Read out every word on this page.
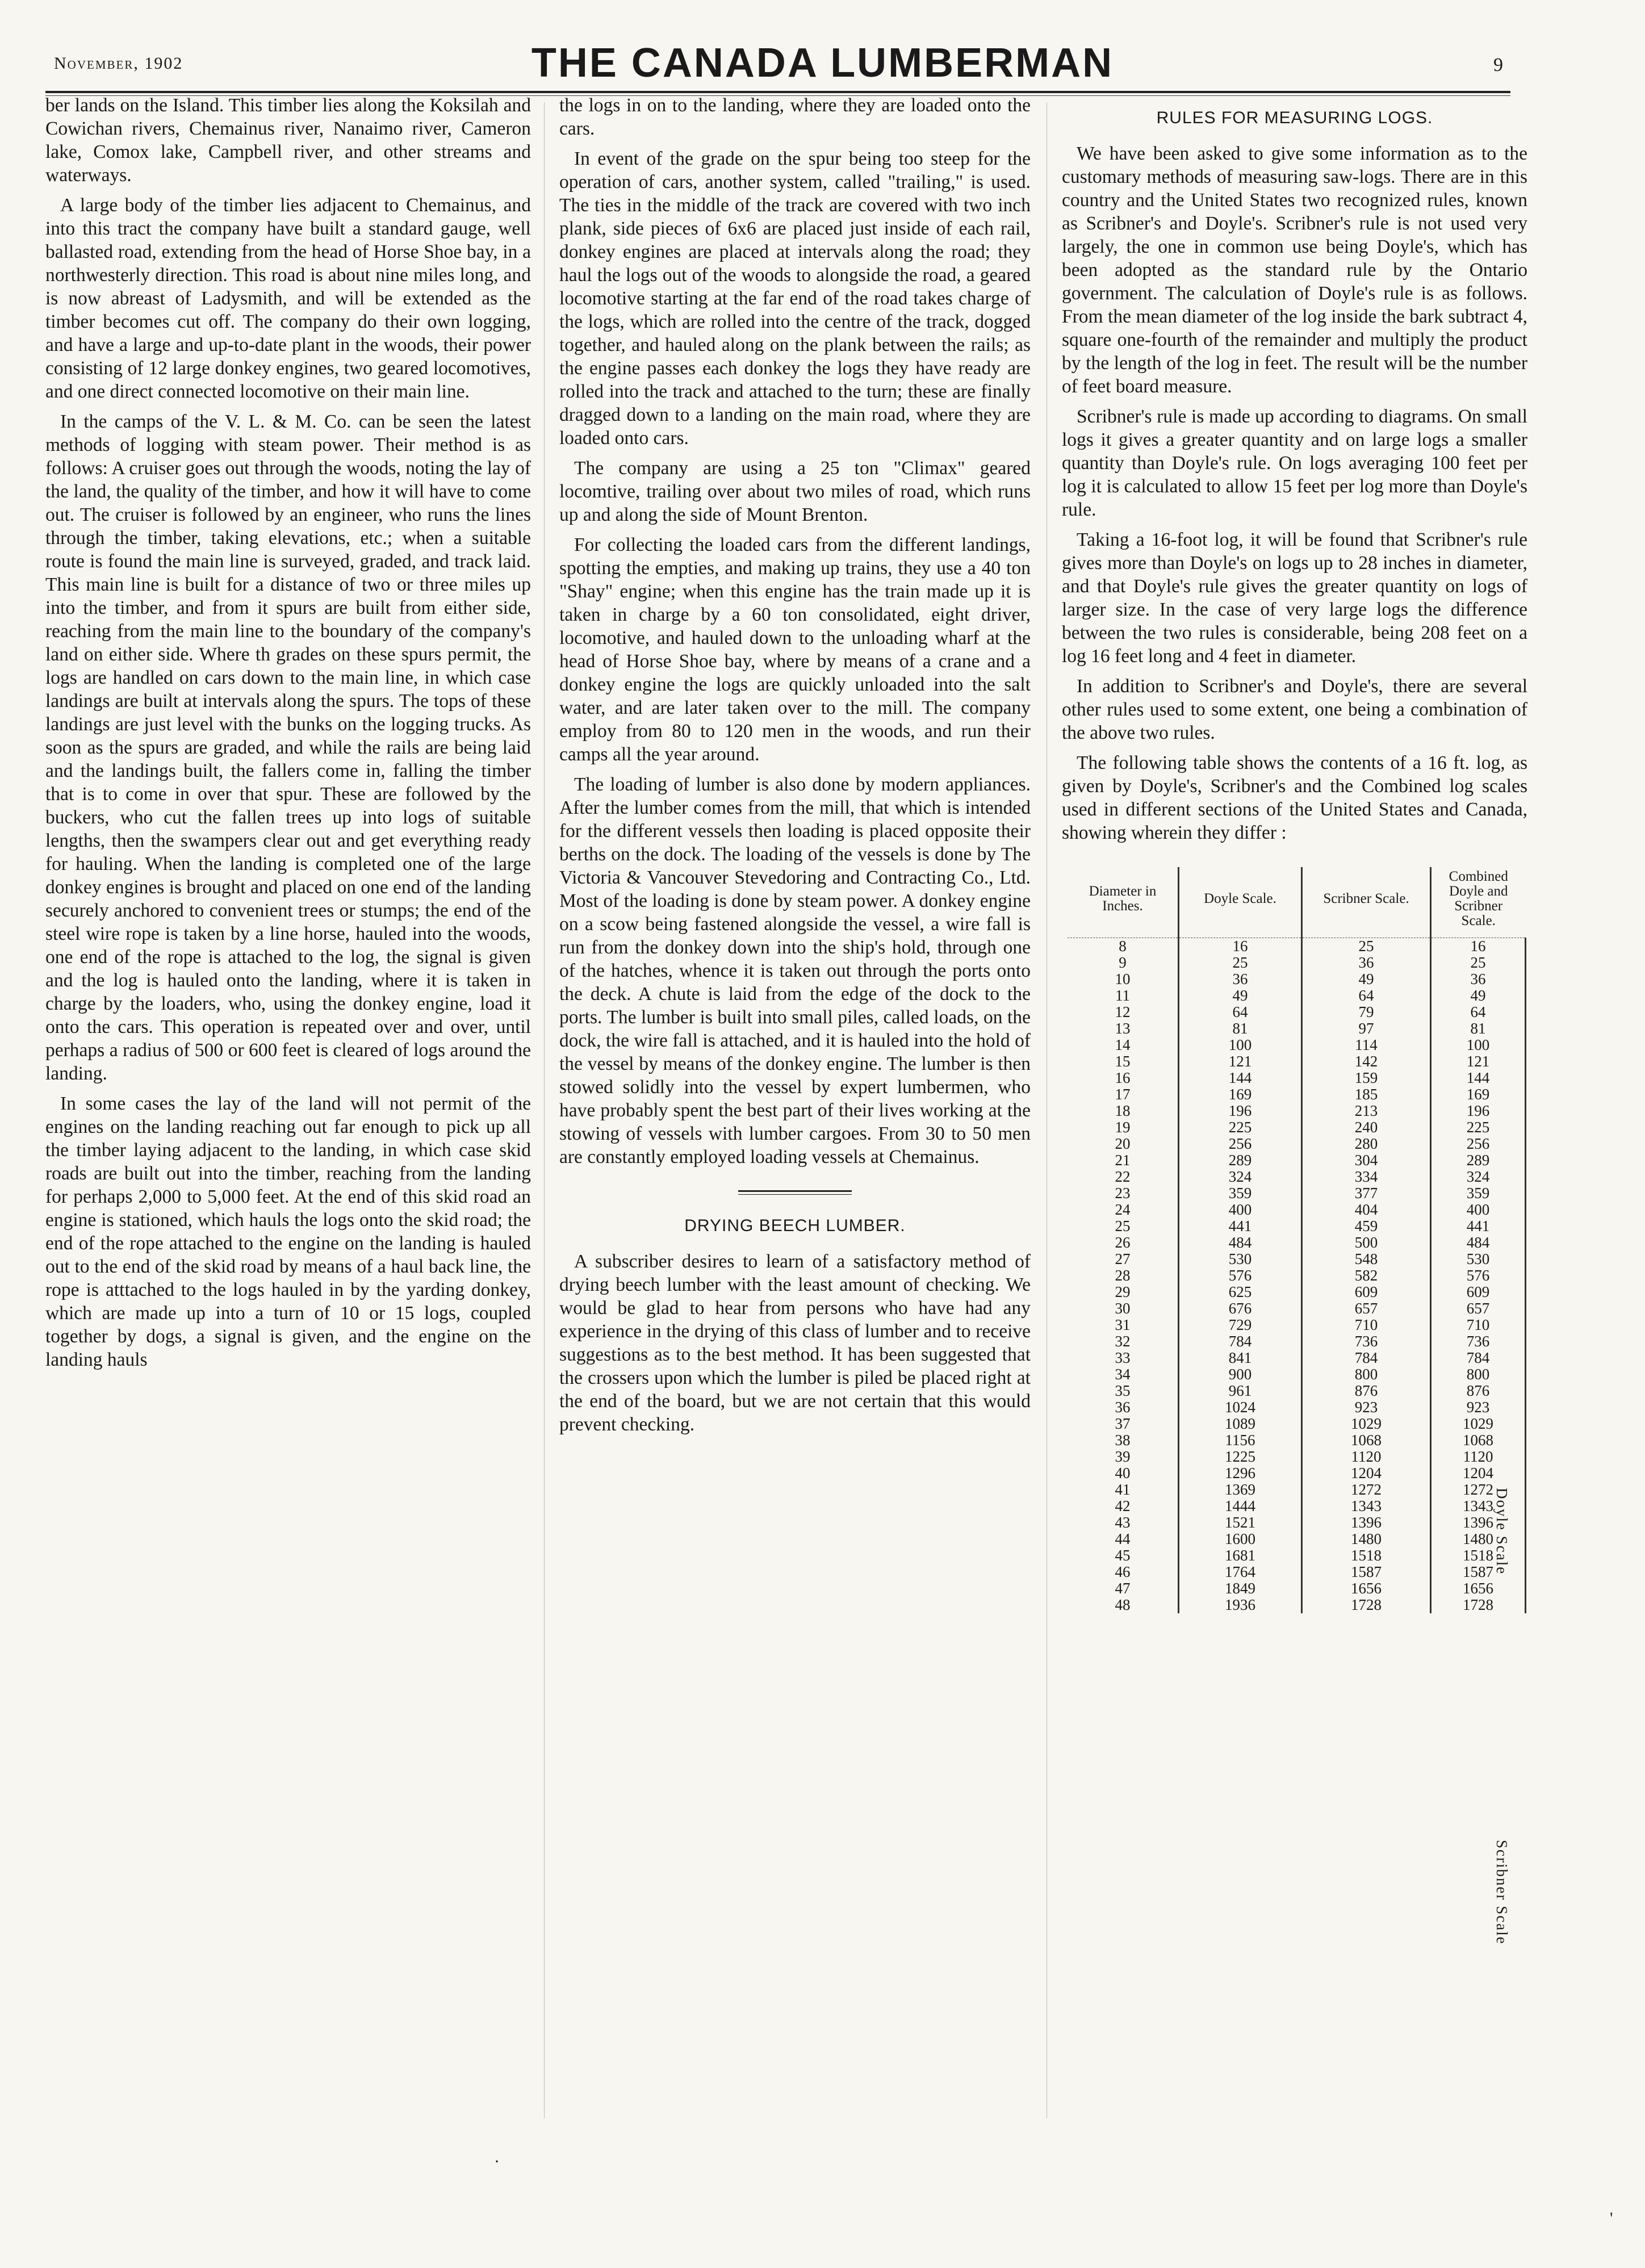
November, 1902	THE CANADA LUMBERMAN	9

ber lands on the Island. This timber lies along the Koksilah and Cowichan rivers, Chemainus river, Nanaimo river, Cameron lake, Comox lake, Campbell river, and other streams and waterways.

A large body of the timber lies adjacent to Chemainus, and into this tract the company have built a standard gauge, well ballasted road, extending from the head of Horse Shoe bay, in a northwesterly direction. This road is about nine miles long, and is now abreast of Ladysmith, and will be extended as the timber becomes cut off. The company do their own logging, and have a large and up-to-date plant in the woods, their power consisting of 12 large donkey engines, two geared locomotives, and one direct connected locomotive on their main line.

In the camps of the V. L. & M. Co. can be seen the latest methods of logging with steam power. Their method is as follows: A cruiser goes out through the woods, noting the lay of the land, the quality of the timber, and how it will have to come out. The cruiser is followed by an engineer, who runs the lines through the timber, taking elevations, etc.; when a suitable route is found the main line is surveyed, graded, and track laid. This main line is built for a distance of two or three miles up into the timber, and from it spurs are built from either side, reaching from the main line to the boundary of the company's land on either side. Where th grades on these spurs permit, the logs are handled on cars down to the main line, in which case landings are built at intervals along the spurs. The tops of these landings are just level with the bunks on the logging trucks. As soon as the spurs are graded, and while the rails are being laid and the landings built, the fallers come in, falling the timber that is to come in over that spur. These are followed by the buckers, who cut the fallen trees up into logs of suitable lengths, then the swampers clear out and get everything ready for hauling. When the landing is completed one of the large donkey engines is brought and placed on one end of the landing securely anchored to convenient trees or stumps; the end of the steel wire rope is taken by a line horse, hauled into the woods, one end of the rope is attached to the log, the signal is given and the log is hauled onto the landing, where it is taken in charge by the loaders, who, using the donkey engine, load it onto the cars. This operation is repeated over and over, until perhaps a radius of 500 or 600 feet is cleared of logs around the landing.

In some cases the lay of the land will not permit of the engines on the landing reaching out far enough to pick up all the timber laying adjacent to the landing, in which case skid roads are built out into the timber, reaching from the landing for perhaps 2,000 to 5,000 feet. At the end of this skid road an engine is stationed, which hauls the logs onto the skid road; the end of the rope attached to the engine on the landing is hauled out to the end of the skid road by means of a haul back line, the rope is atttached to the logs hauled in by the yarding donkey, which are made up into a turn of 10 or 15 logs, coupled together by dogs, a signal is given, and the engine on the landing hauls

the logs in on to the landing, where they are loaded onto the cars.

In event of the grade on the spur being too steep for the operation of cars, another system, called "trailing," is used. The ties in the middle of the track are covered with two inch plank, side pieces of 6x6 are placed just inside of each rail, donkey engines are placed at intervals along the road; they haul the logs out of the woods to alongside the road, a geared locomotive starting at the far end of the road takes charge of the logs, which are rolled into the centre of the track, dogged together, and hauled along on the plank between the rails; as the engine passes each donkey the logs they have ready are rolled into the track and attached to the turn; these are finally dragged down to a landing on the main road, where they are loaded onto cars.

The company are using a 25 ton "Climax" geared locomtive, trailing over about two miles of road, which runs up and along the side of Mount Brenton.

For collecting the loaded cars from the different landings, spotting the empties, and making up trains, they use a 40 ton "Shay" engine; when this engine has the train made up it is taken in charge by a 60 ton consolidated, eight driver, locomotive, and hauled down to the unloading wharf at the head of Horse Shoe bay, where by means of a crane and a donkey engine the logs are quickly unloaded into the salt water, and are later taken over to the mill. The company employ from 80 to 120 men in the woods, and run their camps all the year around.

The loading of lumber is also done by modern appliances. After the lumber comes from the mill, that which is intended for the different vessels then loading is placed opposite their berths on the dock. The loading of the vessels is done by The Victoria & Vancouver Stevedoring and Contracting Co., Ltd. Most of the loading is done by steam power. A donkey engine on a scow being fastened alongside the vessel, a wire fall is run from the donkey down into the ship's hold, through one of the hatches, whence it is taken out through the ports onto the deck. A chute is laid from the edge of the dock to the ports. The lumber is built into small piles, called loads, on the dock, the wire fall is attached, and it is hauled into the hold of the vessel by means of the donkey engine. The lumber is then stowed solidly into the vessel by expert lumbermen, who have probably spent the best part of their lives working at the stowing of vessels with lumber cargoes. From 30 to 50 men are constantly employed loading vessels at Chemainus.

DRYING BEECH LUMBER.

A subscriber desires to learn of a satisfactory method of drying beech lumber with the least amount of checking. We would be glad to hear from persons who have had any experience in the drying of this class of lumber and to receive suggestions as to the best method. It has been suggested that the crossers upon which the lumber is piled be placed right at the end of the board, but we are not certain that this would prevent checking.

RULES FOR MEASURING LOGS.

We have been asked to give some information as to the customary methods of measuring saw-logs. There are in this country and the United States two recognized rules, known as Scribner's and Doyle's. Scribner's rule is not used very largely, the one in common use being Doyle's, which has been adopted as the standard rule by the Ontario government. The calculation of Doyle's rule is as follows. From the mean diameter of the log inside the bark subtract 4, square one-fourth of the remainder and multiply the product by the length of the log in feet. The result will be the number of feet board measure.

Scribner's rule is made up according to diagrams. On small logs it gives a greater quantity and on large logs a smaller quantity than Doyle's rule. On logs averaging 100 feet per log it is calculated to allow 15 feet per log more than Doyle's rule.

Taking a 16-foot log, it will be found that Scribner's rule gives more than Doyle's on logs up to 28 inches in diameter, and that Doyle's rule gives the greater quantity on logs of larger size. In the case of very large logs the difference between the two rules is considerable, being 208 feet on a log 16 feet long and 4 feet in diameter.

In addition to Scribner's and Doyle's, there are several other rules used to some extent, one being a combination of the above two rules.

The following table shows the contents of a 16 ft. log, as given by Doyle's, Scribner's and the Combined log scales used in different sections of the United States and Canada, showing wherein they differ :

Diameter in Inches.	Doyle Scale.	Scribner Scale.	Combined Doyle and Scribner Scale.
8	16	25	16
9	25	36	25
10	36	49	36
11	49	64	49
12	64	79	64
13	81	97	81
14	100	114	100
15	121	142	121
16	144	159	144
17	169	185	169
18	196	213	196
19	225	240	225
20	256	280	256
21	289	304	289
22	324	334	324
23	359	377	359
24	400	404	400
25	441	459	441
26	484	500	484
27	530	548	530
28	576	582	576
29	625	609	609
30	676	657	657
31	729	710	710
32	784	736	736
33	841	784	784
34	900	800	800
35	961	876	876
36	1024	923	923
37	1089	1029	1029
38	1156	1068	1068
39	1225	1120	1120
40	1296	1204	1204
41	1369	1272	1272
42	1444	1343	1343
43	1521	1396	1396
44	1600	1480	1480
45	1681	1518	1518
46	1764	1587	1587
47	1849	1656	1656
48	1936	1728	1728
Doyle Scale
Scribner Scale
·
'
